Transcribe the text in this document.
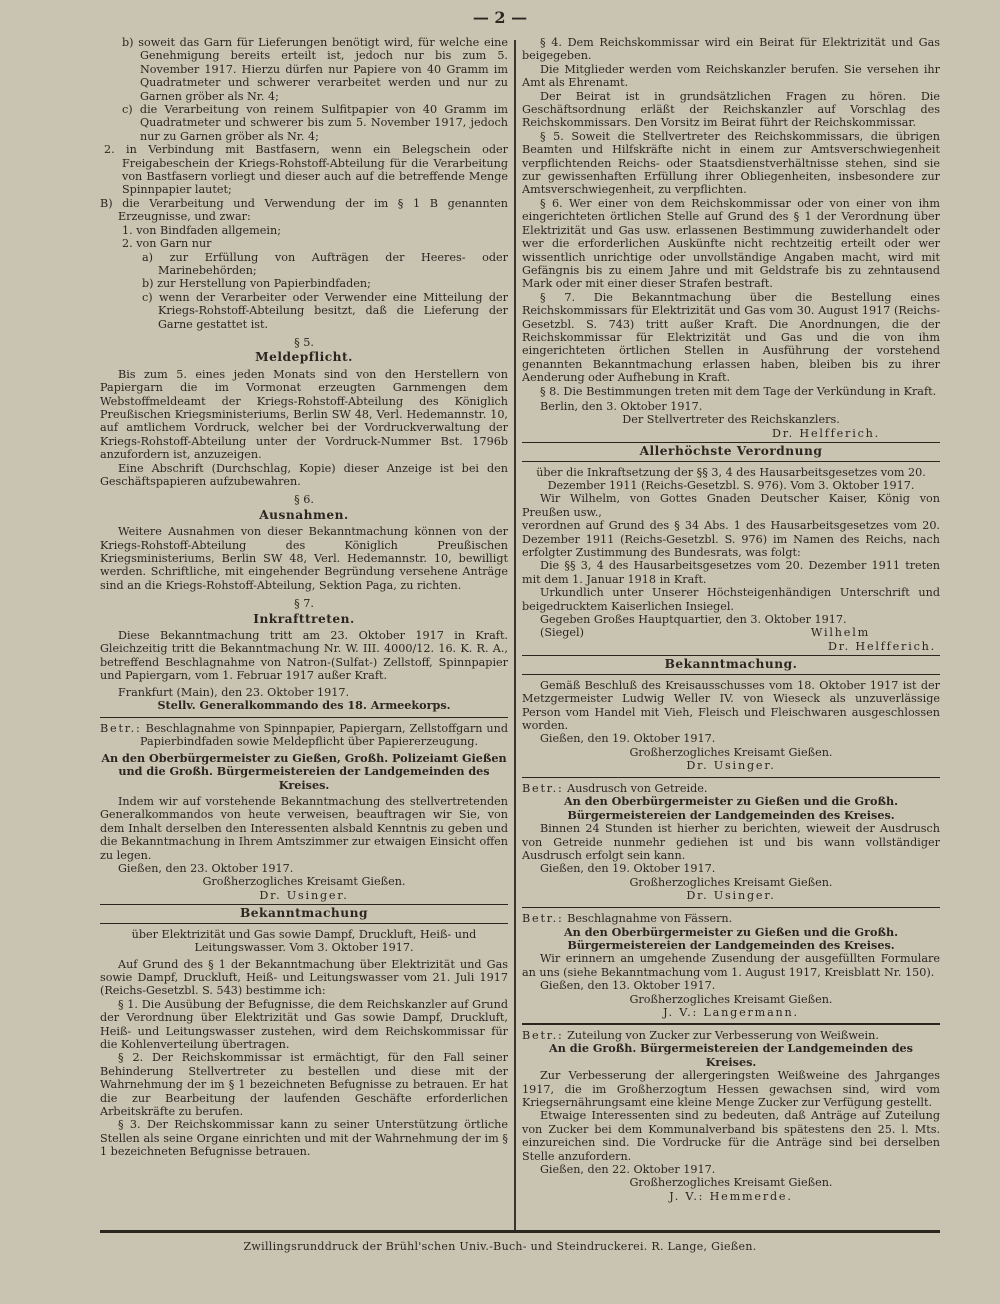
— 2 —

b) soweit das Garn für Lieferungen benötigt wird, für welche eine Genehmigung bereits erteilt ist, jedoch nur bis zum 5. November 1917. Hierzu dürfen nur Papiere von 40 Gramm im Quadratmeter und schwerer verarbeitet werden und nur zu Garnen gröber als Nr. 4;

c) die Verarbeitung von reinem Sulfitpapier von 40 Gramm im Quadratmeter und schwerer bis zum 5. November 1917, jedoch nur zu Garnen gröber als Nr. 4;

2. in Verbindung mit Bastfasern, wenn ein Belegschein oder Freigabeschein der Kriegs-Rohstoff-Abteilung für die Verarbeitung von Bastfasern vorliegt und dieser auch auf die betreffende Menge Spinnpapier lautet;

B) die Verarbeitung und Verwendung der im § 1 B genannten Erzeugnisse, und zwar:

1. von Bindfaden allgemein;

2. von Garn nur

a) zur Erfüllung von Aufträgen der Heeres- oder Marinebehörden;

b) zur Herstellung von Papierbindfaden;

c) wenn der Verarbeiter oder Verwender eine Mitteilung der Kriegs-Rohstoff-Abteilung besitzt, daß die Lieferung der Garne gestattet ist.

§ 5.

Meldepflicht.

Bis zum 5. eines jeden Monats sind von den Herstellern von Papiergarn die im Vormonat erzeugten Garnmengen dem Webstoffmeldeamt der Kriegs-Rohstoff-Abteilung des Königlich Preußischen Kriegsministeriums, Berlin SW 48, Verl. Hedemannstr. 10, auf amtlichem Vordruck, welcher bei der Vordruckverwaltung der Kriegs-Rohstoff-Abteilung unter der Vordruck-Nummer Bst. 1796b anzufordern ist, anzuzeigen.

Eine Abschrift (Durchschlag, Kopie) dieser Anzeige ist bei den Geschäftspapieren aufzubewahren.

§ 6.

Ausnahmen.

Weitere Ausnahmen von dieser Bekanntmachung können von der Kriegs-Rohstoff-Abteilung des Königlich Preußischen Kriegsministeriums, Berlin SW 48, Verl. Hedemannstr. 10, bewilligt werden. Schriftliche, mit eingehender Begründung versehene Anträge sind an die Kriegs-Rohstoff-Abteilung, Sektion Paga, zu richten.

§ 7.

Inkrafttreten.

Diese Bekanntmachung tritt am 23. Oktober 1917 in Kraft. Gleichzeitig tritt die Bekanntmachung Nr. W. III. 4000/12. 16. K. R. A., betreffend Beschlagnahme von Natron-(Sulfat-) Zellstoff, Spinnpapier und Papiergarn, vom 1. Februar 1917 außer Kraft.

Frankfurt (Main), den 23. Oktober 1917.

Stellv. Generalkommando des 18. Armeekorps.

Betr.: Beschlagnahme von Spinnpapier, Papiergarn, Zellstoffgarn und Papierbindfaden sowie Meldepflicht über Papiererzeugung.

An den Oberbürgermeister zu Gießen, Großh. Polizeiamt Gießen und die Großh. Bürgermeistereien der Landgemeinden des Kreises.

Indem wir auf vorstehende Bekanntmachung des stellvertretenden Generalkommandos von heute verweisen, beauftragen wir Sie, von dem Inhalt derselben den Interessenten alsbald Kenntnis zu geben und die Bekanntmachung in Ihrem Amtszimmer zur etwaigen Einsicht offen zu legen.

Gießen, den 23. Oktober 1917.

Großherzogliches Kreisamt Gießen.

Dr. Usinger.

Bekanntmachung

über Elektrizität und Gas sowie Dampf, Druckluft, Heiß- und Leitungswasser. Vom 3. Oktober 1917.

Auf Grund des § 1 der Bekanntmachung über Elektrizität und Gas sowie Dampf, Druckluft, Heiß- und Leitungswasser vom 21. Juli 1917 (Reichs-Gesetzbl. S. 543) bestimme ich:

§ 1. Die Ausübung der Befugnisse, die dem Reichskanzler auf Grund der Verordnung über Elektrizität und Gas sowie Dampf, Druckluft, Heiß- und Leitungswasser zustehen, wird dem Reichskommissar für die Kohlenverteilung übertragen.

§ 2. Der Reichskommissar ist ermächtigt, für den Fall seiner Behinderung Stellvertreter zu bestellen und diese mit der Wahrnehmung der im § 1 bezeichneten Befugnisse zu betrauen. Er hat die zur Bearbeitung der laufenden Geschäfte erforderlichen Arbeitskräfte zu berufen.

§ 3. Der Reichskommissar kann zu seiner Unterstützung örtliche Stellen als seine Organe einrichten und mit der Wahrnehmung der im § 1 bezeichneten Befugnisse betrauen.

§ 4. Dem Reichskommissar wird ein Beirat für Elektrizität und Gas beigegeben.

Die Mitglieder werden vom Reichskanzler berufen. Sie versehen ihr Amt als Ehrenamt.

Der Beirat ist in grundsätzlichen Fragen zu hören. Die Geschäftsordnung erläßt der Reichskanzler auf Vorschlag des Reichskommissars. Den Vorsitz im Beirat führt der Reichskommissar.

§ 5. Soweit die Stellvertreter des Reichskommissars, die übrigen Beamten und Hilfskräfte nicht in einem zur Amtsverschwiegenheit verpflichtenden Reichs- oder Staatsdienstverhältnisse stehen, sind sie zur gewissenhaften Erfüllung ihrer Obliegenheiten, insbesondere zur Amtsverschwiegenheit, zu verpflichten.

§ 6. Wer einer von dem Reichskommissar oder von einer von ihm eingerichteten örtlichen Stelle auf Grund des § 1 der Verordnung über Elektrizität und Gas usw. erlassenen Bestimmung zuwiderhandelt oder wer die erforderlichen Auskünfte nicht rechtzeitig erteilt oder wer wissentlich unrichtige oder unvollständige Angaben macht, wird mit Gefängnis bis zu einem Jahre und mit Geldstrafe bis zu zehntausend Mark oder mit einer dieser Strafen bestraft.

§ 7. Die Bekanntmachung über die Bestellung eines Reichskommissars für Elektrizität und Gas vom 30. August 1917 (Reichs-Gesetzbl. S. 743) tritt außer Kraft. Die Anordnungen, die der Reichskommissar für Elektrizität und Gas und die von ihm eingerichteten örtlichen Stellen in Ausführung der vorstehend genannten Bekanntmachung erlassen haben, bleiben bis zu ihrer Aenderung oder Aufhebung in Kraft.

§ 8. Die Bestimmungen treten mit dem Tage der Verkündung in Kraft.

Berlin, den 3. Oktober 1917.

Der Stellvertreter des Reichskanzlers.

Dr. Helfferich.

Allerhöchste Verordnung

über die Inkraftsetzung der §§ 3, 4 des Hausarbeitsgesetzes vom 20. Dezember 1911 (Reichs-Gesetzbl. S. 976). Vom 3. Oktober 1917.

Wir Wilhelm, von Gottes Gnaden Deutscher Kaiser, König von Preußen usw.,

verordnen auf Grund des § 34 Abs. 1 des Hausarbeitsgesetzes vom 20. Dezember 1911 (Reichs-Gesetzbl. S. 976) im Namen des Reichs, nach erfolgter Zustimmung des Bundesrats, was folgt:

Die §§ 3, 4 des Hausarbeitsgesetzes vom 20. Dezember 1911 treten mit dem 1. Januar 1918 in Kraft.

Urkundlich unter Unserer Höchsteigenhändigen Unterschrift und beigedrucktem Kaiserlichen Insiegel.

Gegeben Großes Hauptquartier, den 3. Oktober 1917.

(Siegel)	Wilhelm

Dr. Helfferich.

Bekanntmachung.

Gemäß Beschluß des Kreisausschusses vom 18. Oktober 1917 ist der Metzgermeister Ludwig Weller IV. von Wieseck als unzuverlässige Person vom Handel mit Vieh, Fleisch und Fleischwaren ausgeschlossen worden.

Gießen, den 19. Oktober 1917.

Großherzogliches Kreisamt Gießen.

Dr. Usinger.

Betr.: Ausdrusch von Getreide.

An den Oberbürgermeister zu Gießen und die Großh. Bürgermeistereien der Landgemeinden des Kreises.

Binnen 24 Stunden ist hierher zu berichten, wieweit der Ausdrusch von Getreide nunmehr gediehen ist und bis wann vollständiger Ausdrusch erfolgt sein kann.

Gießen, den 19. Oktober 1917.

Großherzogliches Kreisamt Gießen.

Dr. Usinger.

Betr.: Beschlagnahme von Fässern.

An den Oberbürgermeister zu Gießen und die Großh. Bürgermeistereien der Landgemeinden des Kreises.

Wir erinnern an umgehende Zusendung der ausgefüllten Formulare an uns (siehe Bekanntmachung vom 1. August 1917, Kreisblatt Nr. 150).

Gießen, den 13. Oktober 1917.

Großherzogliches Kreisamt Gießen.

J. V.: Langermann.

Betr.: Zuteilung von Zucker zur Verbesserung von Weißwein.

An die Großh. Bürgermeistereien der Landgemeinden des Kreises.

Zur Verbesserung der allergeringsten Weißweine des Jahrganges 1917, die im Großherzogtum Hessen gewachsen sind, wird vom Kriegsernährungsamt eine kleine Menge Zucker zur Verfügung gestellt.

Etwaige Interessenten sind zu bedeuten, daß Anträge auf Zuteilung von Zucker bei dem Kommunalverband bis spätestens den 25. l. Mts. einzureichen sind. Die Vordrucke für die Anträge sind bei derselben Stelle anzufordern.

Gießen, den 22. Oktober 1917.

Großherzogliches Kreisamt Gießen.

J. V.: Hemmerde.

Zwillingsrunddruck der Brühl'schen Univ.-Buch- und Steindruckerei. R. Lange, Gießen.
